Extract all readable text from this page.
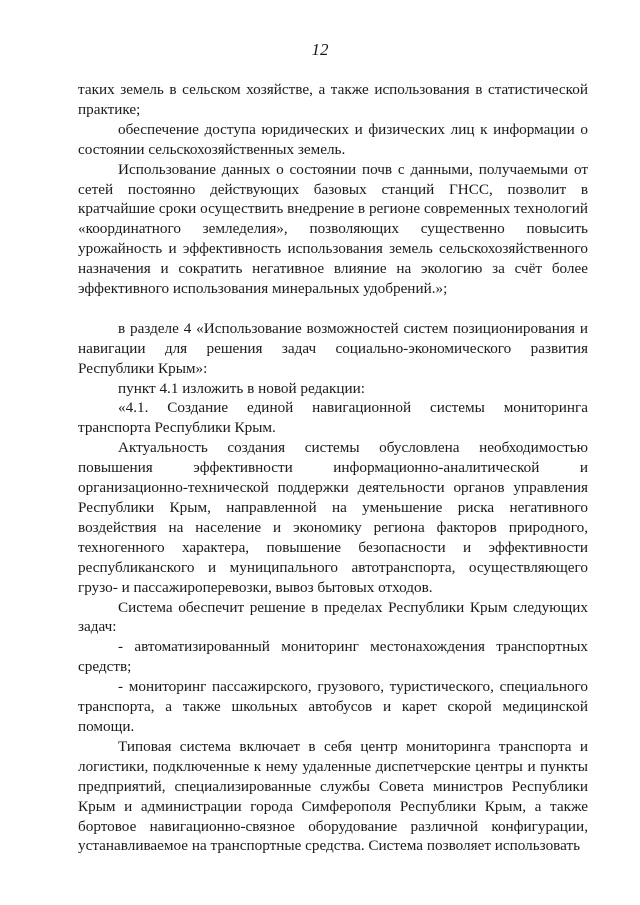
12

таких земель в сельском хозяйстве, а также использования в статистической практике;

обеспечение доступа юридических и физических лиц к информации о состоянии сельскохозяйственных земель.

Использование данных о состоянии почв с данными, получаемыми от сетей постоянно действующих базовых станций ГНСС, позволит в кратчайшие сроки осуществить внедрение в регионе современных технологий «координатного земледелия», позволяющих существенно повысить урожайность и эффективность использования земель сельскохозяйственного назначения и сократить негативное влияние на экологию за счёт более эффективного использования минеральных удобрений.»;

в разделе 4 «Использование возможностей систем позиционирования и навигации для решения задач социально-экономического развития Республики Крым»:

пункт 4.1 изложить в новой редакции:

«4.1. Создание единой навигационной системы мониторинга транспорта Республики Крым.

Актуальность создания системы обусловлена необходимостью повышения эффективности информационно-аналитической и организационно-технической поддержки деятельности органов управления Республики Крым, направленной на уменьшение риска негативного воздействия на население и экономику региона факторов природного, техногенного характера, повышение безопасности и эффективности республиканского и муниципального автотранспорта, осуществляющего грузо- и пассажироперевозки, вывоз бытовых отходов.

Система обеспечит решение в пределах Республики Крым следующих задач:

- автоматизированный мониторинг местонахождения транспортных средств;

- мониторинг пассажирского, грузового, туристического, специального транспорта, а также школьных автобусов и карет скорой медицинской помощи.

Типовая система включает в себя центр мониторинга транспорта и логистики, подключенные к нему удаленные диспетчерские центры и пункты предприятий, специализированные службы Совета министров Республики Крым и администрации города Симферополя Республики Крым, а также бортовое навигационно-связное оборудование различной конфигурации, устанавливаемое на транспортные средства. Система позволяет использовать
